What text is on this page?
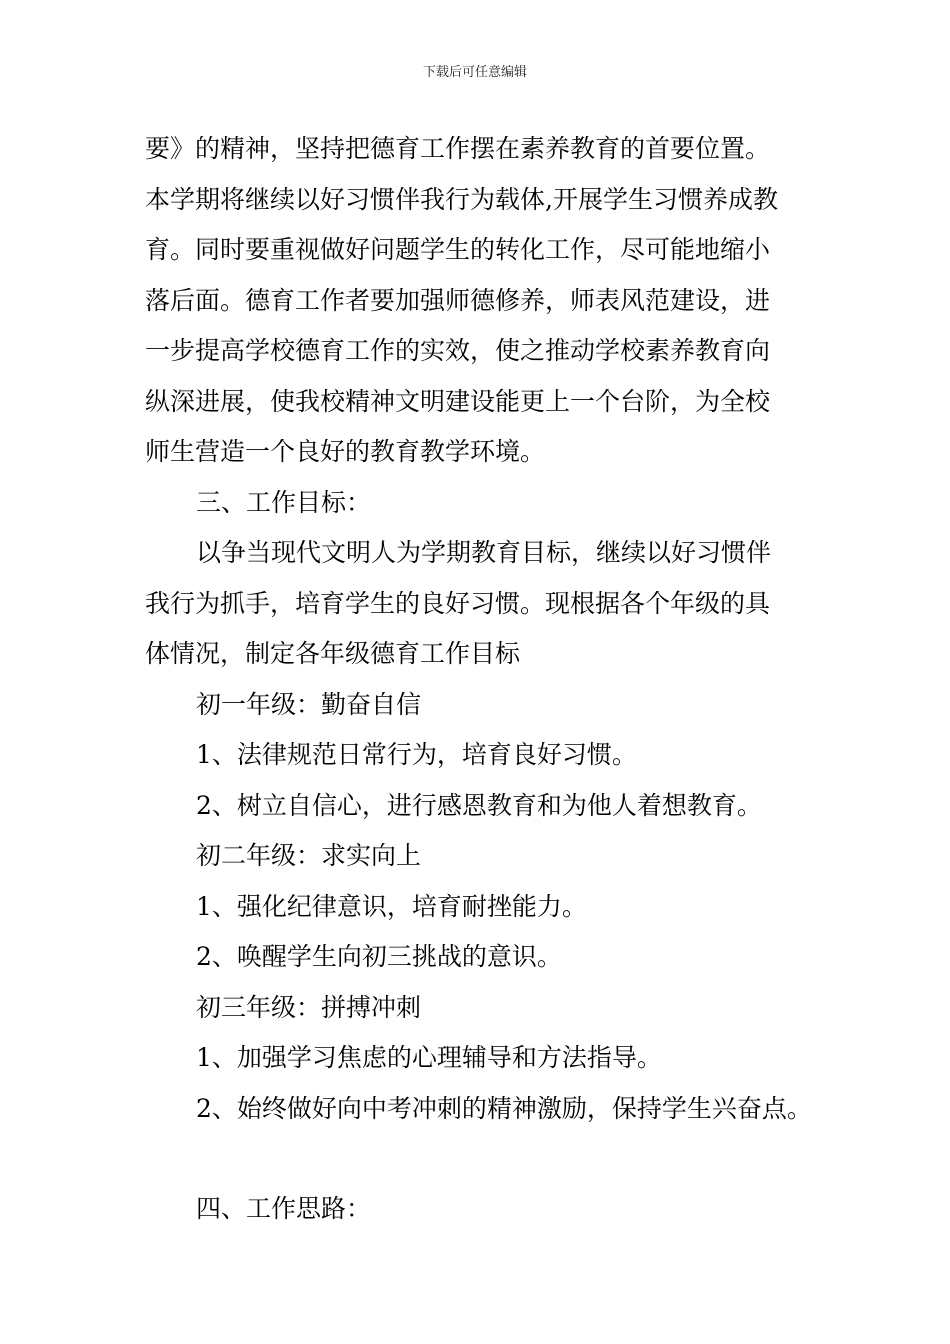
下载后可任意编辑

要》的精神，坚持把德育工作摆在素养教育的首要位置。

本学期将继续以好习惯伴我行为载体,开展学生习惯养成教

育。同时要重视做好问题学生的转化工作，尽可能地缩小

落后面。德育工作者要加强师德修养，师表风范建设，进

一步提高学校德育工作的实效，使之推动学校素养教育向

纵深进展，使我校精神文明建设能更上一个台阶，为全校

师生营造一个良好的教育教学环境。

三、工作目标：

以争当现代文明人为学期教育目标，继续以好习惯伴

我行为抓手，培育学生的良好习惯。现根据各个年级的具

体情况，制定各年级德育工作目标

初一年级：勤奋自信

1、法律规范日常行为，培育良好习惯。

2、树立自信心，进行感恩教育和为他人着想教育。

初二年级：求实向上

1、强化纪律意识，培育耐挫能力。

2、唤醒学生向初三挑战的意识。

初三年级：拼搏冲刺

1、加强学习焦虑的心理辅导和方法指导。

2、始终做好向中考冲刺的精神激励，保持学生兴奋点。

四、工作思路：
